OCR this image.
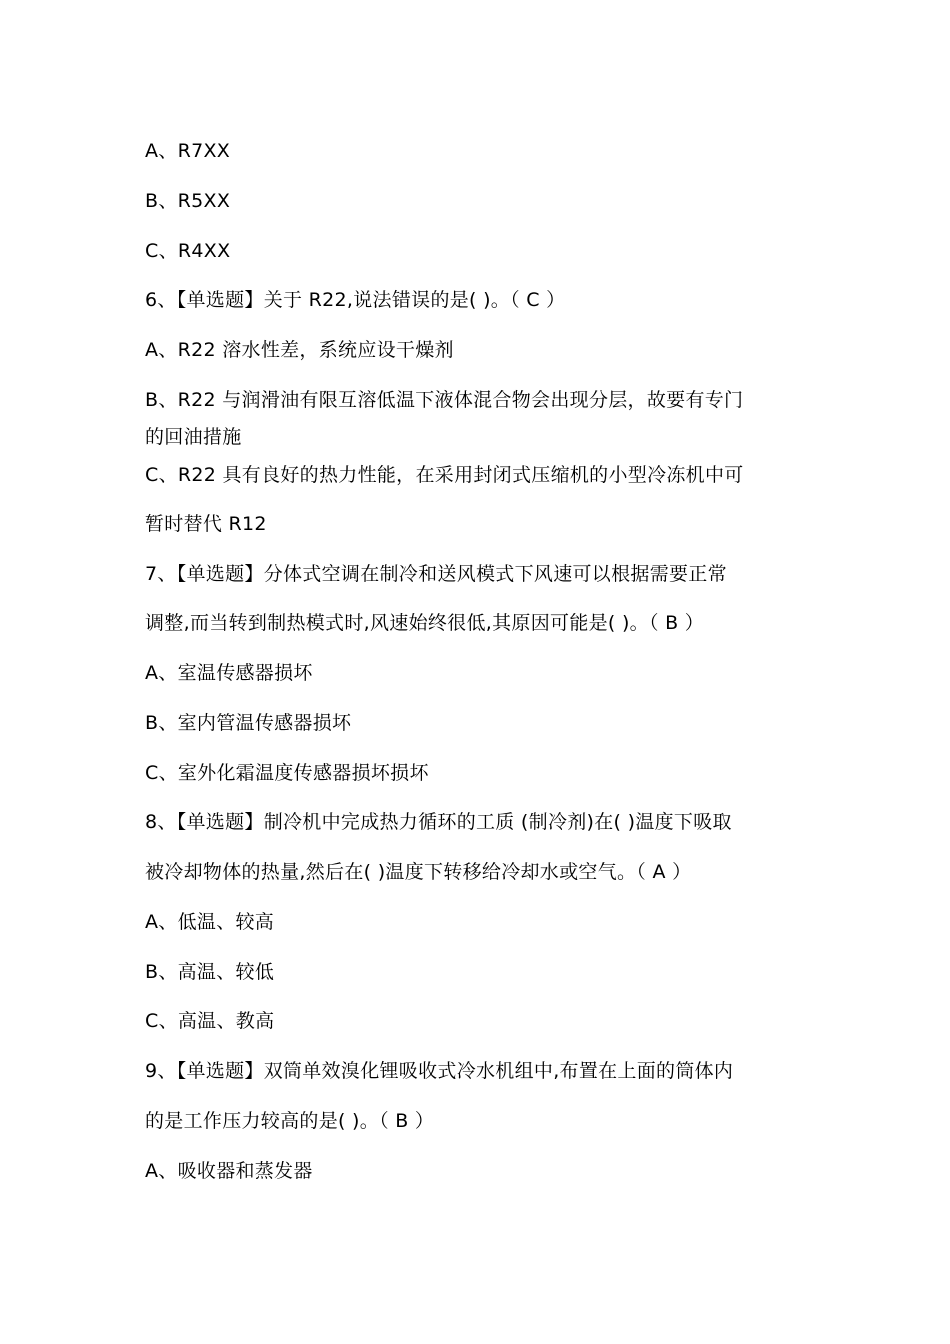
A、R7XX
B、R5XX
C、R4XX
6、【单选题】关于 R22,说法错误的是( )。（ C ）
A、R22 溶水性差，系统应设干燥剂
B、R22 与润滑油有限互溶低温下液体混合物会出现分层，故要有专门
的回油措施
C、R22 具有良好的热力性能，在采用封闭式压缩机的小型冷冻机中可
暂时替代 R12
7、【单选题】分体式空调在制冷和送风模式下风速可以根据需要正常
调整,而当转到制热模式时,风速始终很低,其原因可能是( )。（ B ）
A、室温传感器损坏
B、室内管温传感器损坏
C、室外化霜温度传感器损坏损坏
8、【单选题】制冷机中完成热力循环的工质 (制冷剂)在( )温度下吸取
被冷却物体的热量,然后在( )温度下转移给冷却水或空气。（ A ）
A、低温、较高
B、高温、较低
C、高温、教高
9、【单选题】双筒单效溴化锂吸收式冷水机组中,布置在上面的筒体内
的是工作压力较高的是( )。（ B ）
A、吸收器和蒸发器
